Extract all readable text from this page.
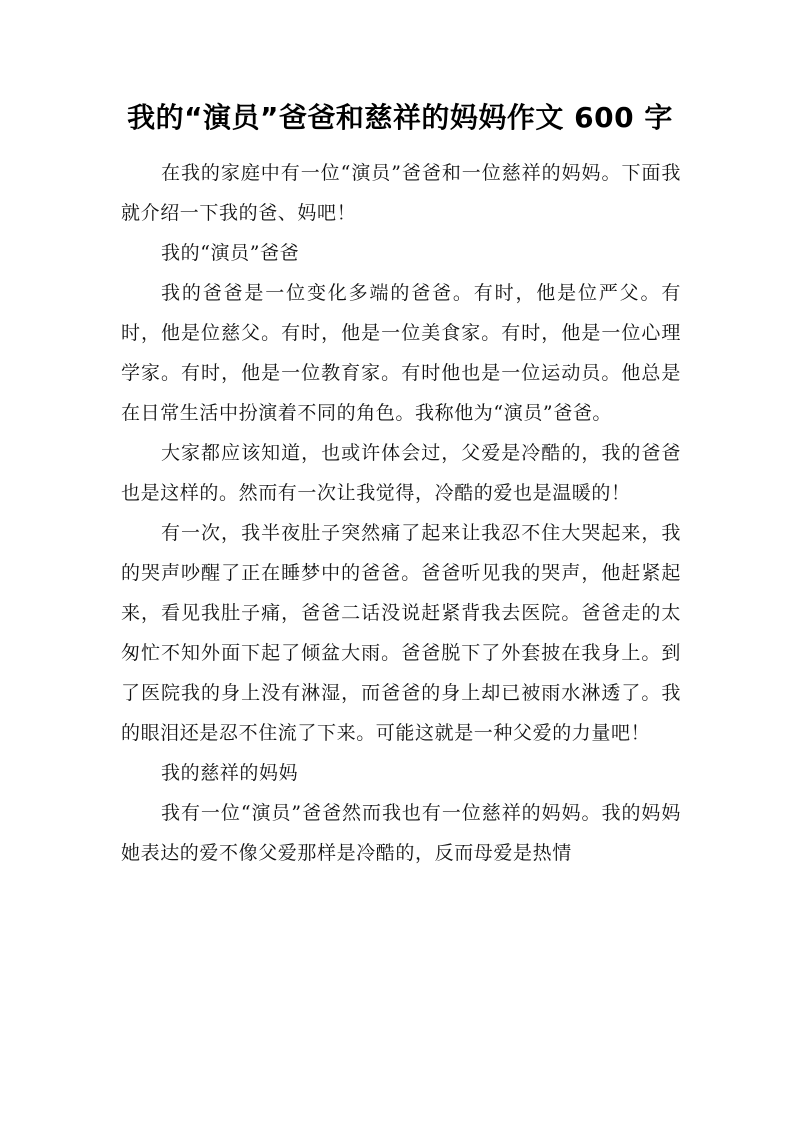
我的“演员”爸爸和慈祥的妈妈作文 600 字

在我的家庭中有一位“演员”爸爸和一位慈祥的妈妈。下面我就介绍一下我的爸、妈吧！

我的“演员”爸爸

我的爸爸是一位变化多端的爸爸。有时，他是位严父。有时，他是位慈父。有时，他是一位美食家。有时，他是一位心理学家。有时，他是一位教育家。有时他也是一位运动员。他总是在日常生活中扮演着不同的角色。我称他为“演员”爸爸。

大家都应该知道，也或许体会过，父爱是冷酷的，我的爸爸也是这样的。然而有一次让我觉得，冷酷的爱也是温暖的！

有一次，我半夜肚子突然痛了起来让我忍不住大哭起来，我的哭声吵醒了正在睡梦中的爸爸。爸爸听见我的哭声，他赶紧起来，看见我肚子痛，爸爸二话没说赶紧背我去医院。爸爸走的太匆忙不知外面下起了倾盆大雨。爸爸脱下了外套披在我身上。到了医院我的身上没有淋湿，而爸爸的身上却已被雨水淋透了。我的眼泪还是忍不住流了下来。可能这就是一种父爱的力量吧！

我的慈祥的妈妈

我有一位“演员”爸爸然而我也有一位慈祥的妈妈。我的妈妈她表达的爱不像父爱那样是冷酷的，反而母爱是热情
